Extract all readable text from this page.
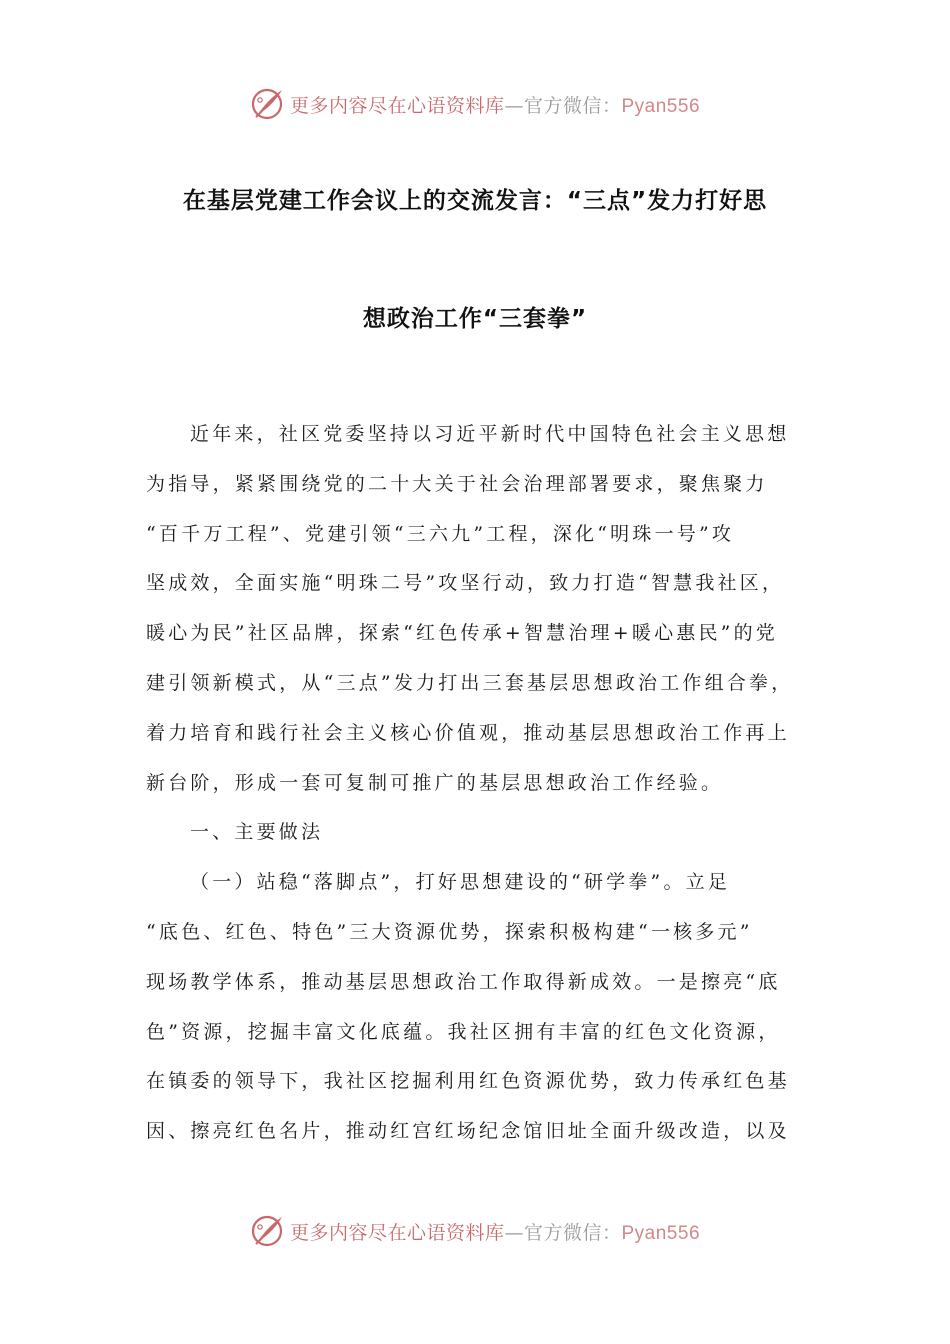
更多内容尽在心语资料库—官方微信：Pyan556
在基层党建工作会议上的交流发言：“三点”发力打好思
想政治工作“三套拳”
近年来，社区党委坚持以习近平新时代中国特色社会主义思想
为指导，紧紧围绕党的二十大关于社会治理部署要求，聚焦聚力
“百千万工程”、党建引领“三六九”工程，深化“明珠一号”攻
坚成效，全面实施“明珠二号”攻坚行动，致力打造“智慧我社区，
暖心为民”社区品牌，探索“红色传承+智慧治理+暖心惠民”的党
建引领新模式，从“三点”发力打出三套基层思想政治工作组合拳，
着力培育和践行社会主义核心价值观，推动基层思想政治工作再上
新台阶，形成一套可复制可推广的基层思想政治工作经验。
一、主要做法
（一）站稳“落脚点”，打好思想建设的“研学拳”。立足
“底色、红色、特色”三大资源优势，探索积极构建“一核多元”
现场教学体系，推动基层思想政治工作取得新成效。一是擦亮“底
色”资源，挖掘丰富文化底蕴。我社区拥有丰富的红色文化资源，
在镇委的领导下，我社区挖掘利用红色资源优势，致力传承红色基
因、擦亮红色名片，推动红宫红场纪念馆旧址全面升级改造，以及
更多内容尽在心语资料库—官方微信：Pyan556
